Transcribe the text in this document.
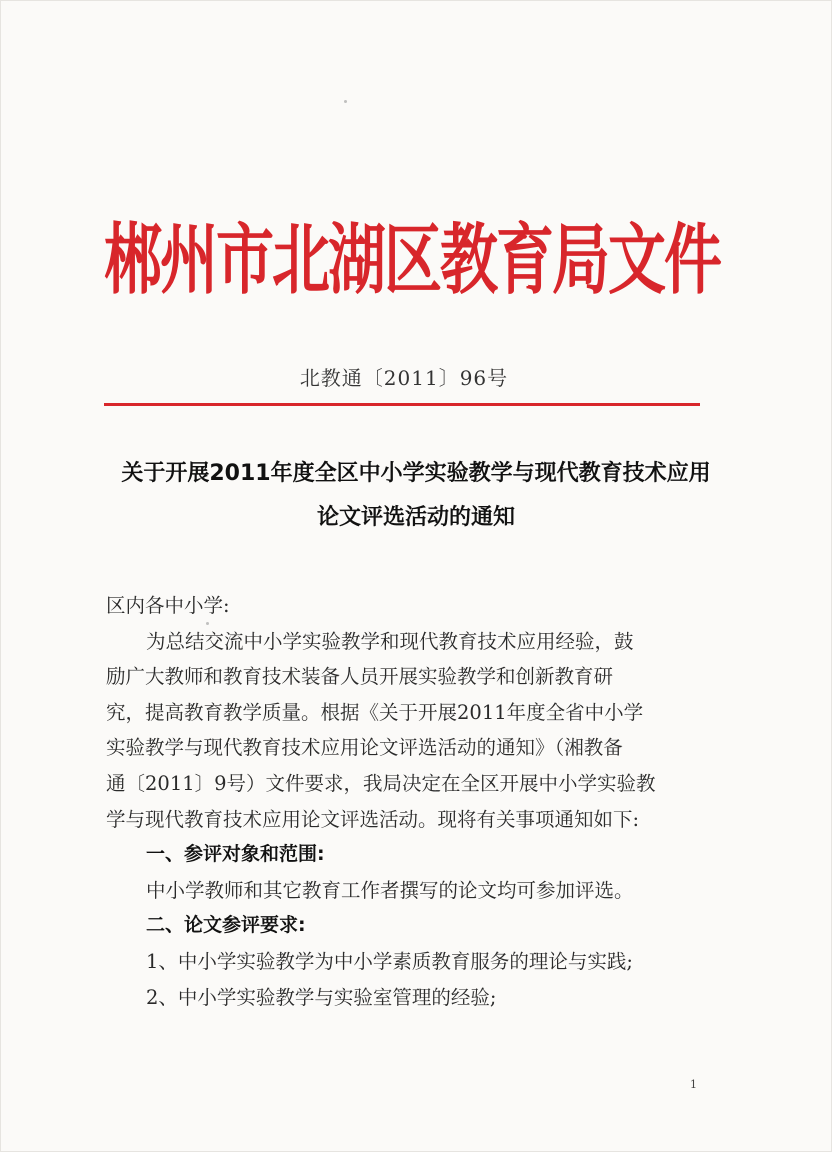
郴州市北湖区教育局文件
北教通〔2011〕96号
关于开展2011年度全区中小学实验教学与现代教育技术应用
论文评选活动的通知
区内各中小学:
为总结交流中小学实验教学和现代教育技术应用经验，鼓
励广大教师和教育技术装备人员开展实验教学和创新教育研
究，提高教育教学质量。根据《关于开展2011年度全省中小学
实验教学与现代教育技术应用论文评选活动的通知》（湘教备
通〔2011〕9号）文件要求，我局决定在全区开展中小学实验教
学与现代教育技术应用论文评选活动。现将有关事项通知如下:
一、参评对象和范围:
中小学教师和其它教育工作者撰写的论文均可参加评选。
二、论文参评要求:
1、中小学实验教学为中小学素质教育服务的理论与实践;
2、中小学实验教学与实验室管理的经验;
1
